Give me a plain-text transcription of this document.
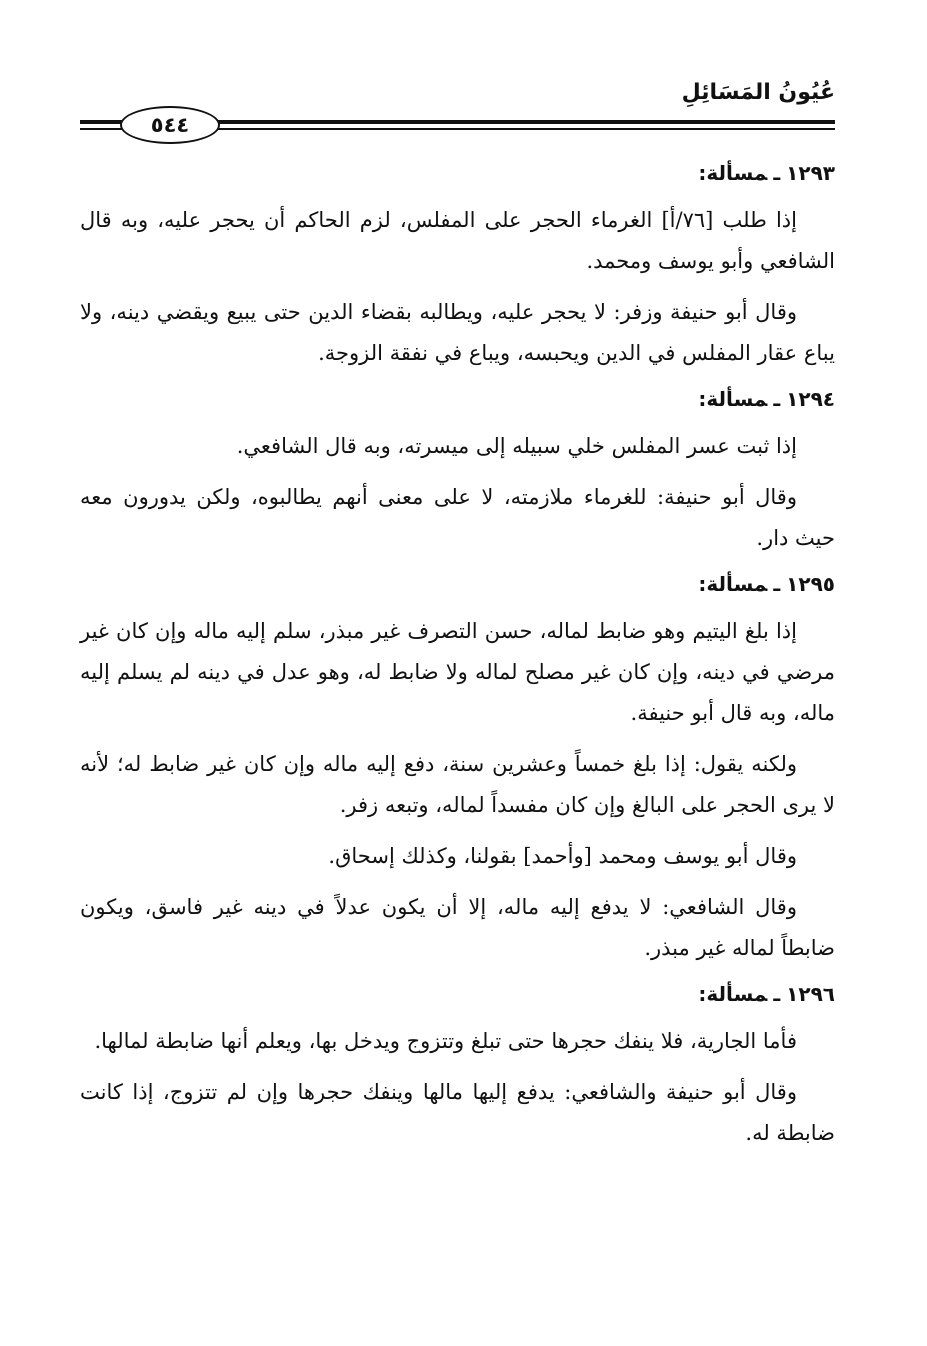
عُيُونُ المَسَائِلِ
٥٤٤
١٢٩٣ـمسألة:

إذا طلب [٧٦/أ] الغرماء الحجر على المفلس، لزم الحاكم أن يحجر عليه، وبه قال الشافعي وأبو يوسف ومحمد.

وقال أبو حنيفة وزفر: لا يحجر عليه، ويطالبه بقضاء الدين حتى يبيع ويقضي دينه، ولا يباع عقار المفلس في الدين ويحبسه، ويباع في نفقة الزوجة.

١٢٩٤ـمسألة:

إذا ثبت عسر المفلس خلي سبيله إلى ميسرته، وبه قال الشافعي.

وقال أبو حنيفة: للغرماء ملازمته، لا على معنى أنهم يطالبوه، ولكن يدورون معه حيث دار.

١٢٩٥ـمسألة:

إذا بلغ اليتيم وهو ضابط لماله، حسن التصرف غير مبذر، سلم إليه ماله وإن كان غير مرضي في دينه، وإن كان غير مصلح لماله ولا ضابط له، وهو عدل في دينه لم يسلم إليه ماله، وبه قال أبو حنيفة.

ولكنه يقول: إذا بلغ خمساً وعشرين سنة، دفع إليه ماله وإن كان غير ضابط له؛ لأنه لا يرى الحجر على البالغ وإن كان مفسداً لماله، وتبعه زفر.

وقال أبو يوسف ومحمد [وأحمد] بقولنا، وكذلك إسحاق.

وقال الشافعي: لا يدفع إليه ماله، إلا أن يكون عدلاً في دينه غير فاسق، ويكون ضابطاً لماله غير مبذر.

١٢٩٦ـمسألة:

فأما الجارية، فلا ينفك حجرها حتى تبلغ وتتزوج ويدخل بها، ويعلم أنها ضابطة لمالها.

وقال أبو حنيفة والشافعي: يدفع إليها مالها وينفك حجرها وإن لم تتزوج، إذا كانت ضابطة له.
